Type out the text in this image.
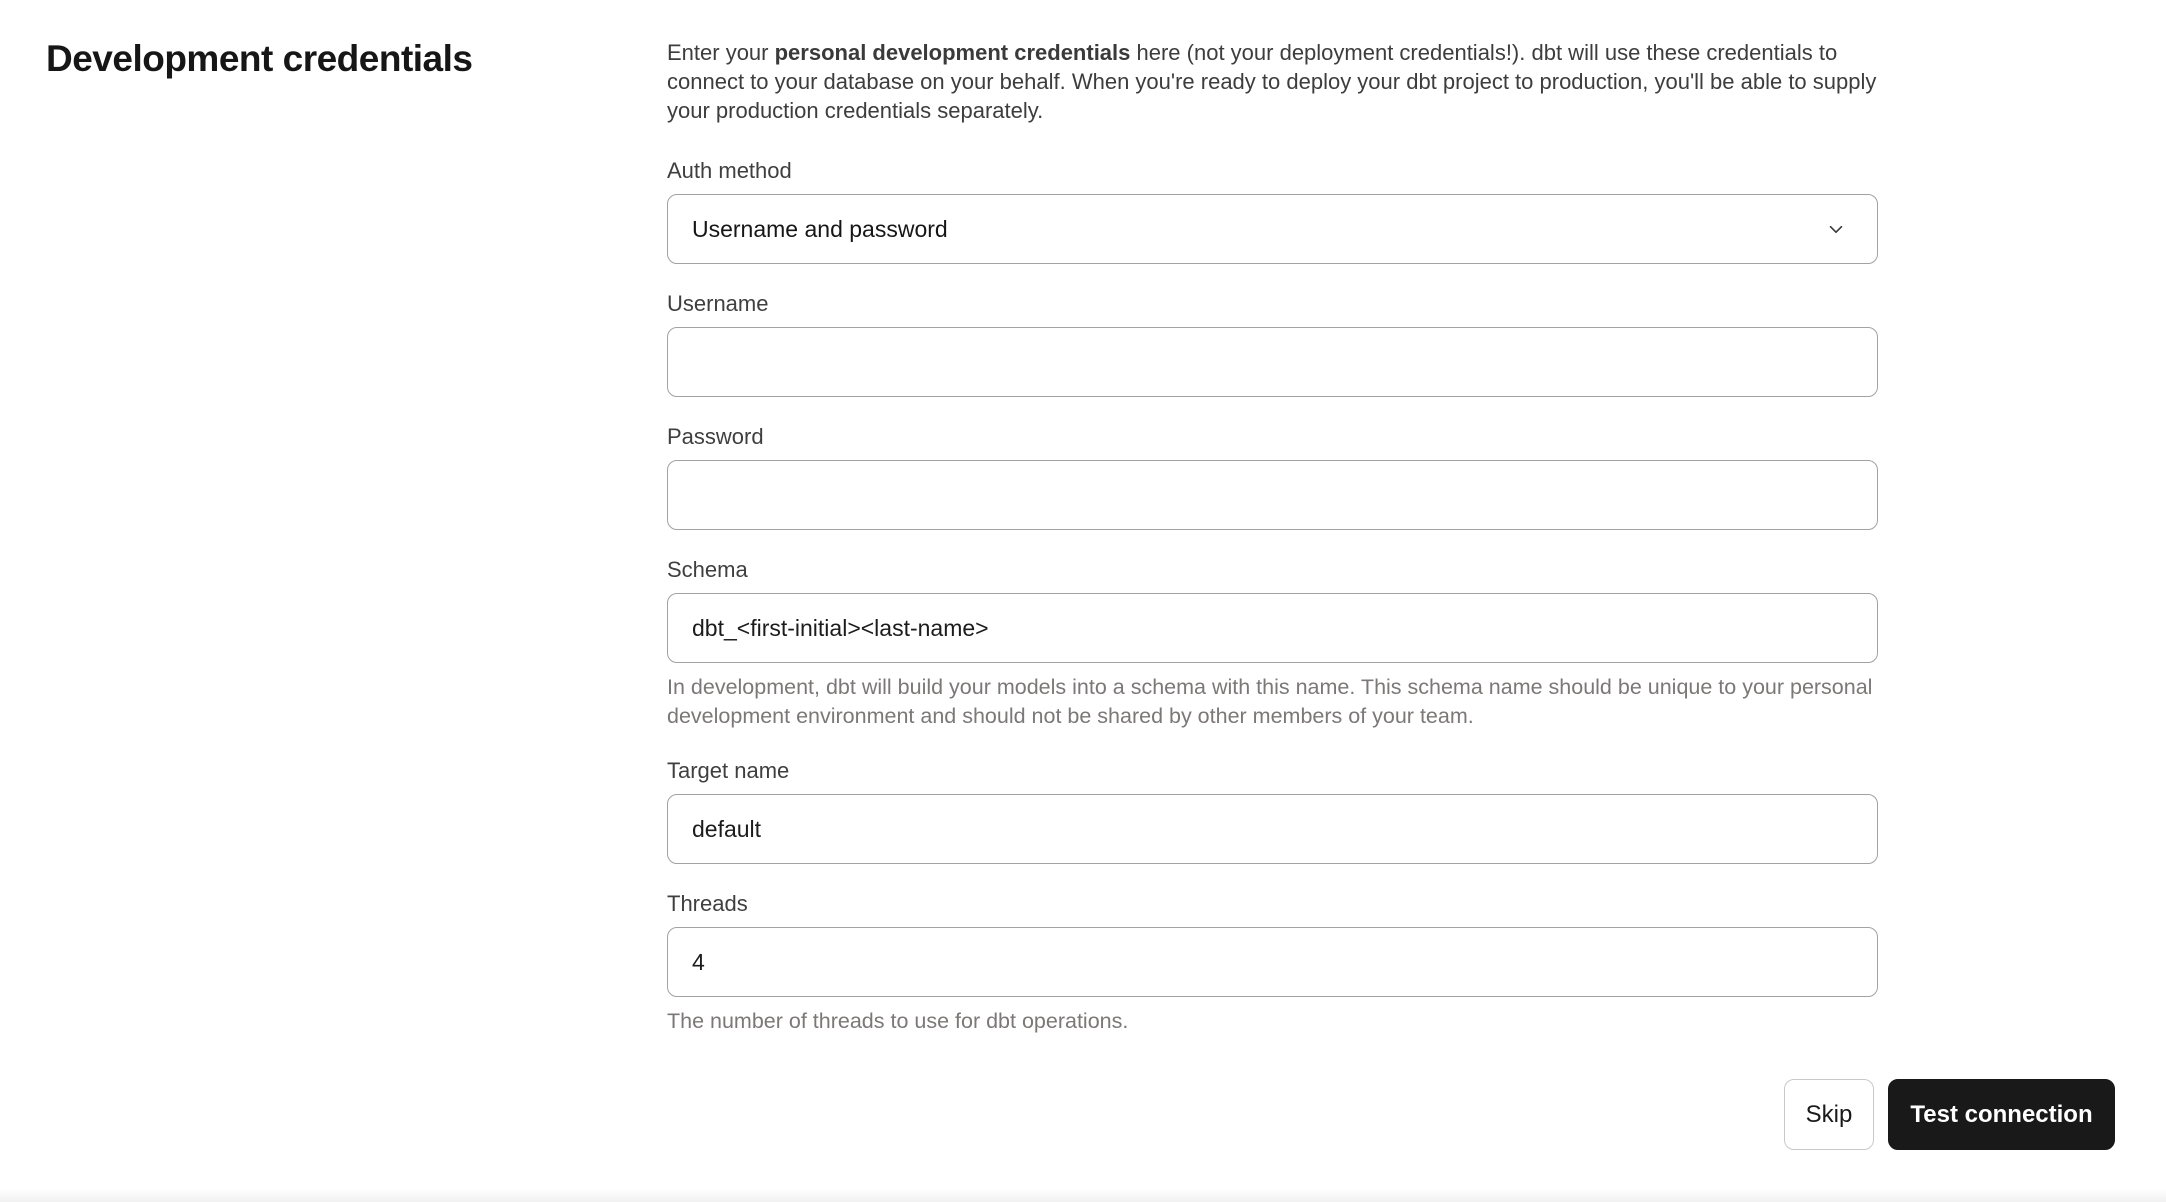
Development credentials	Enter your personal development credentials here (not your deployment credentials!). dbt will use these credentials to connect to your database on your behalf. When you're ready to deploy your dbt project to production, you'll be able to supply your production credentials separately.

Auth method
Username and password
Username
Password
Schema
dbt_<first-initial><last-name>

In development, dbt will build your models into a schema with this name. This schema name should be unique to your personal development environment and should not be shared by other members of your team.

Target name
default
Threads
4

The number of threads to use for dbt operations.

Skip	Test connection
